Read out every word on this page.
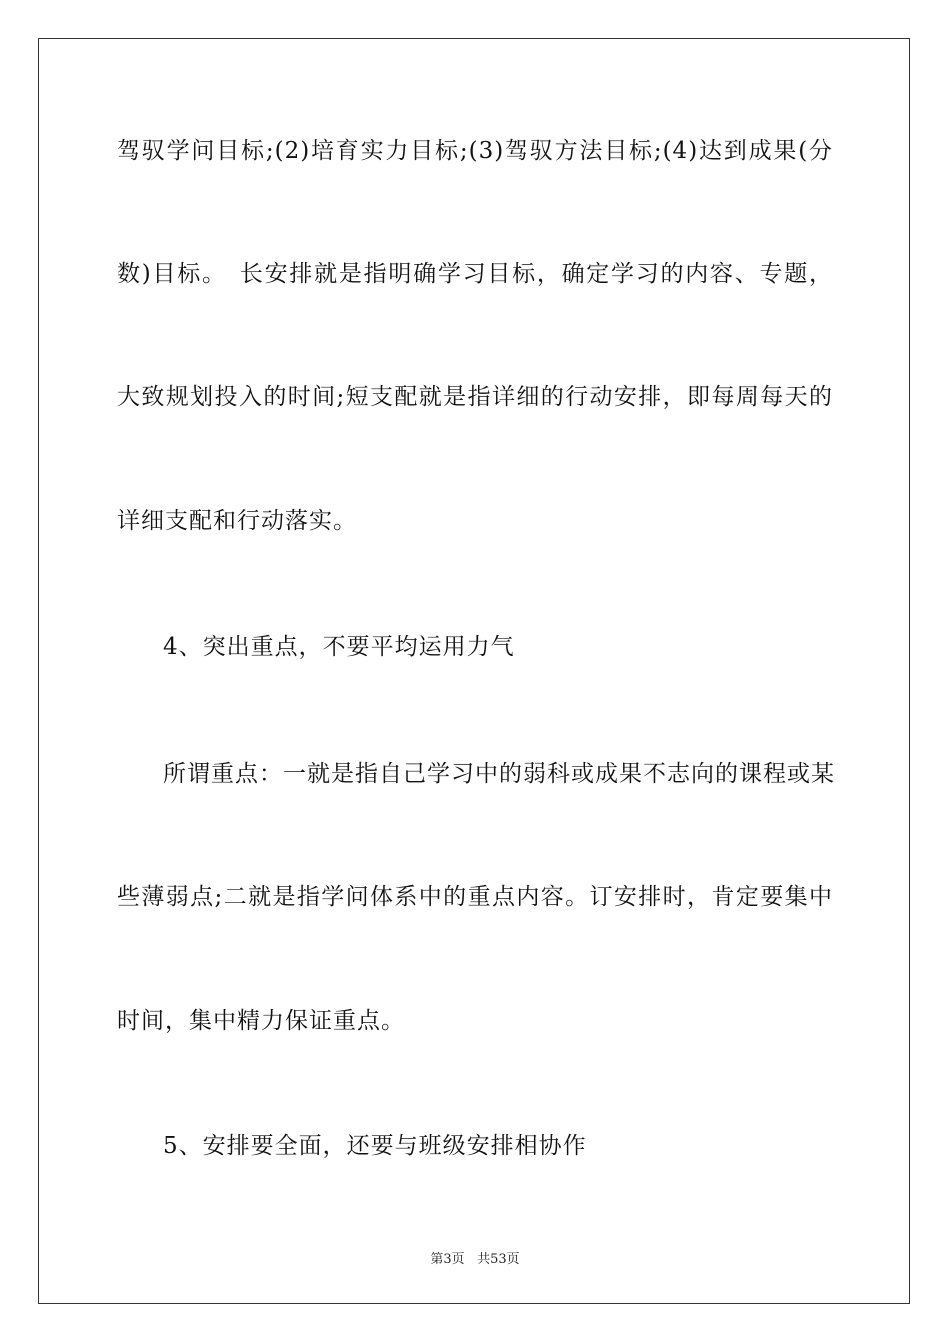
驾驭学问目标;(2)培育实力目标;(3)驾驭方法目标;(4)达到成果(分
数)目标。　长安排就是指明确学习目标，确定学习的内容、专题，
大致规划投入的时间;短支配就是指详细的行动安排，即每周每天的
详细支配和行动落实。
4、突出重点，不要平均运用力气
所谓重点：一就是指自己学习中的弱科或成果不志向的课程或某
些薄弱点;二就是指学问体系中的重点内容。订安排时，肯定要集中
时间，集中精力保证重点。
5、安排要全面，还要与班级安排相协作
第3页 共53页
